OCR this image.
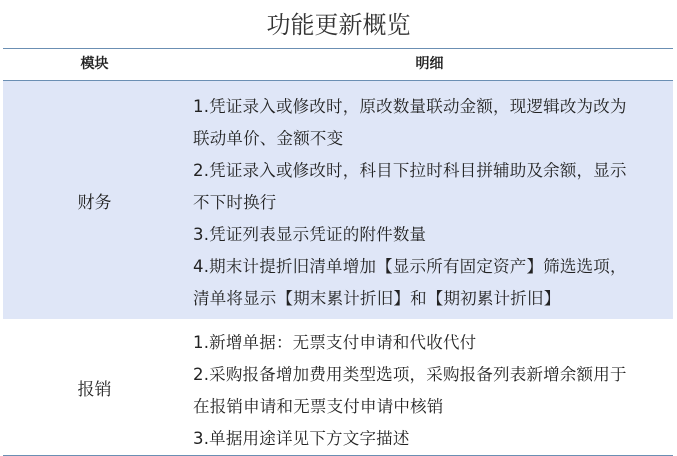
功能更新概览
模块	明细
财务
1.凭证录入或修改时，原改数量联动金额，现逻辑改为改为
联动单价、金额不变
2.凭证录入或修改时，科目下拉时科目拼辅助及余额，显示
不下时换行
3.凭证列表显示凭证的附件数量
4.期末计提折旧清单增加【显示所有固定资产】筛选选项，
清单将显示【期末累计折旧】和【期初累计折旧】
报销
1.新增单据：无票支付申请和代收代付
2.采购报备增加费用类型选项，采购报备列表新增余额用于
在报销申请和无票支付申请中核销
3.单据用途详见下方文字描述
